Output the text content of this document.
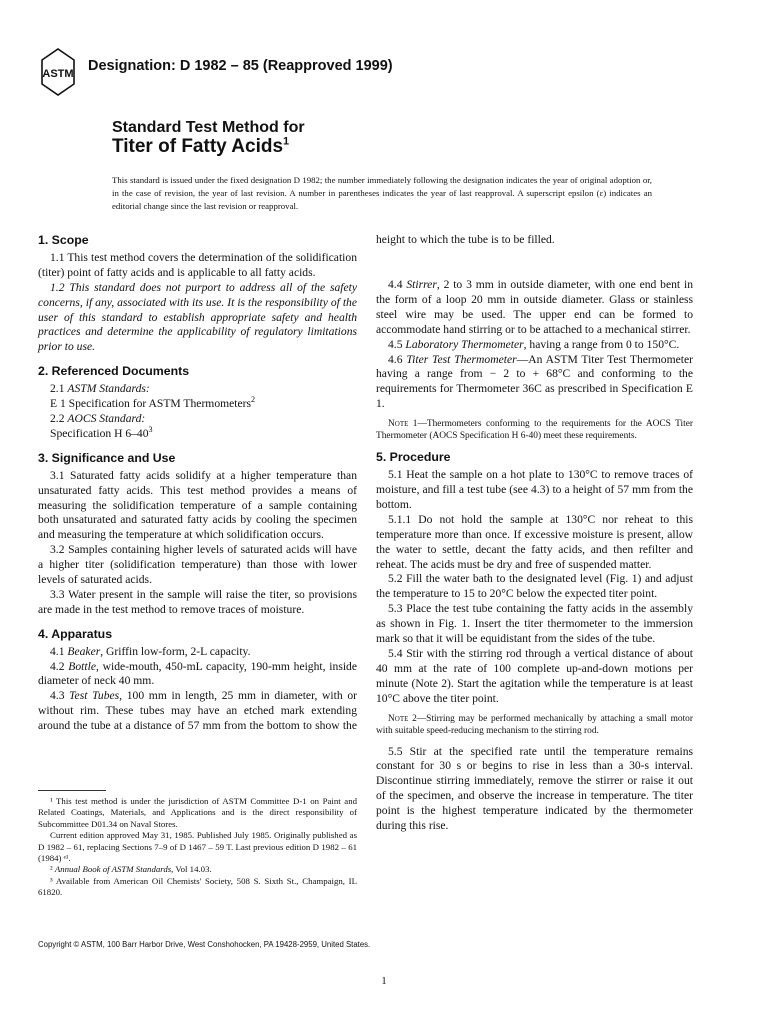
ASTM Designation: D 1982 – 85 (Reapproved 1999)
Standard Test Method for
Titer of Fatty Acids$^1$
This standard is issued under the fixed designation D 1982; the number immediately following the designation indicates the year of original adoption or, in the case of revision, the year of last revision. A number in parentheses indicates the year of last reapproval. A superscript epsilon (ε) indicates an editorial change since the last revision or reapproval.
1. Scope

1.1 This test method covers the determination of the solidification (titer) point of fatty acids and is applicable to all fatty acids.

1.2 This standard does not purport to address all of the safety concerns, if any, associated with its use. It is the responsibility of the user of this standard to establish appropriate safety and health practices and determine the applicability of regulatory limitations prior to use.

2. Referenced Documents
2.1 ASTM Standards:
E 1 Specification for ASTM Thermometers$^2$
2.2 AOCS Standard:
Specification H $6-40^3$
3. Significance and Use

3.1 Saturated fatty acids solidify at a higher temperature than unsaturated fatty acids. This test method provides a means of measuring the solidification temperature of a sample containing both unsaturated and saturated fatty acids by cooling the specimen and measuring the temperature at which solidification occurs.

3.2 Samples containing higher levels of saturated acids will have a higher titer (solidification temperature) than those with lower levels of saturated acids.

3.3 Water present in the sample will raise the titer, so provisions are made in the test method to remove traces of moisture.

4. Apparatus

4.1 Beaker, Griffin low-form, 2-L capacity.

4.2 Bottle, wide-mouth, 450-mL capacity, 190-mm height, inside diameter of neck 40 mm.

4.3 Test Tubes, 100 mm in length, 25 mm in diameter, with or without rim. These tubes may have an etched mark extending around the tube at a distance of 57 mm from the bottom to show the

¹ This test method is under the jurisdiction of ASTM Committee D-1 on Paint and Related Coatings, Materials, and Applications and is the direct responsibility of Subcommittee D01.34 on Naval Stores.

Current edition approved May 31, 1985. Published July 1985. Originally published as D 1982 – 61, replacing Sections 7–9 of D 1467 – 59 T. Last previous edition D 1982 – 61 (1984) ᵉ¹.

² Annual Book of ASTM Standards, Vol 14.03.

³ Available from American Oil Chemists' Society, 508 S. Sixth St., Champaign, IL 61820.

height to which the tube is to be filled.

4.4 Stirrer, 2 to 3 mm in outside diameter, with one end bent in the form of a loop 20 mm in outside diameter. Glass or stainless steel wire may be used. The upper end can be formed to accommodate hand stirring or to be attached to a mechanical stirrer.

4.5 Laboratory Thermometer, having a range from 0 to 150°C.

4.6 Titer Test Thermometer—An ASTM Titer Test Thermometer having a range from − 2 to + 68°C and conforming to the requirements for Thermometer 36C as prescribed in Specification E 1.

Note 1—Thermometers conforming to the requirements for the AOCS Titer Thermometer (AOCS Specification H 6-40) meet these requirements.
5. Procedure

5.1 Heat the sample on a hot plate to 130°C to remove traces of moisture, and fill a test tube (see 4.3) to a height of 57 mm from the bottom.

5.1.1 Do not hold the sample at 130°C nor reheat to this temperature more than once. If excessive moisture is present, allow the water to settle, decant the fatty acids, and then refilter and reheat. The acids must be dry and free of suspended matter.

5.2 Fill the water bath to the designated level (Fig. 1) and adjust the temperature to 15 to 20°C below the expected titer point.

5.3 Place the test tube containing the fatty acids in the assembly as shown in Fig. 1. Insert the titer thermometer to the immersion mark so that it will be equidistant from the sides of the tube.

5.4 Stir with the stirring rod through a vertical distance of about 40 mm at the rate of 100 complete up-and-down motions per minute (Note 2). Start the agitation while the temperature is at least 10°C above the titer point.

Note 2—Stirring may be performed mechanically by attaching a small motor with suitable speed-reducing mechanism to the stirring rod.

5.5 Stir at the specified rate until the temperature remains constant for 30 s or begins to rise in less than a 30-s interval. Discontinue stirring immediately, remove the stirrer or raise it out of the specimen, and observe the increase in temperature. The titer point is the highest temperature indicated by the thermometer during this rise.

Copyright © ASTM, 100 Barr Harbor Drive, West Conshohocken, PA 19428-2959, United States.
1
